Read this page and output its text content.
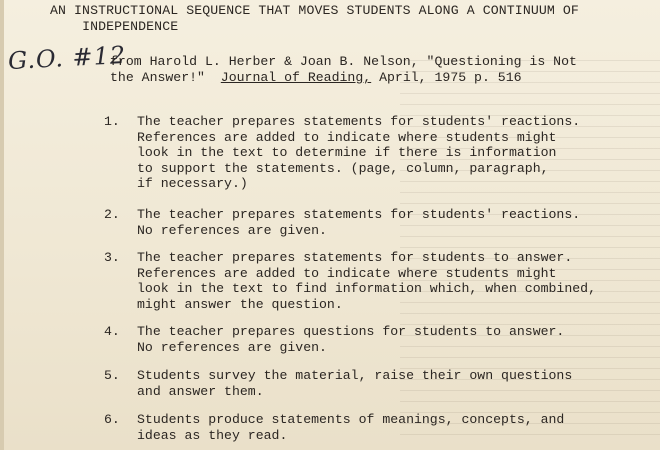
AN INSTRUCTIONAL SEQUENCE THAT MOVES STUDENTS ALONG A CONTINUUM OF
INDEPENDENCE
G.O. #12
from Harold L. Herber & Joan B. Nelson, "Questioning is Not
the Answer!" Journal of Reading, April, 1975 p. 516
1. The teacher prepares statements for students' reactions.
References are added to indicate where students might
look in the text to determine if there is information
to support the statements. (page, column, paragraph,
if necessary.)
2. The teacher prepares statements for students' reactions.
No references are given.
3. The teacher prepares statements for students to answer.
References are added to indicate where students might
look in the text to find information which, when combined,
might answer the question.
4. The teacher prepares questions for students to answer.
No references are given.
5. Students survey the material, raise their own questions
and answer them.
6. Students produce statements of meanings, concepts, and
ideas as they read.
